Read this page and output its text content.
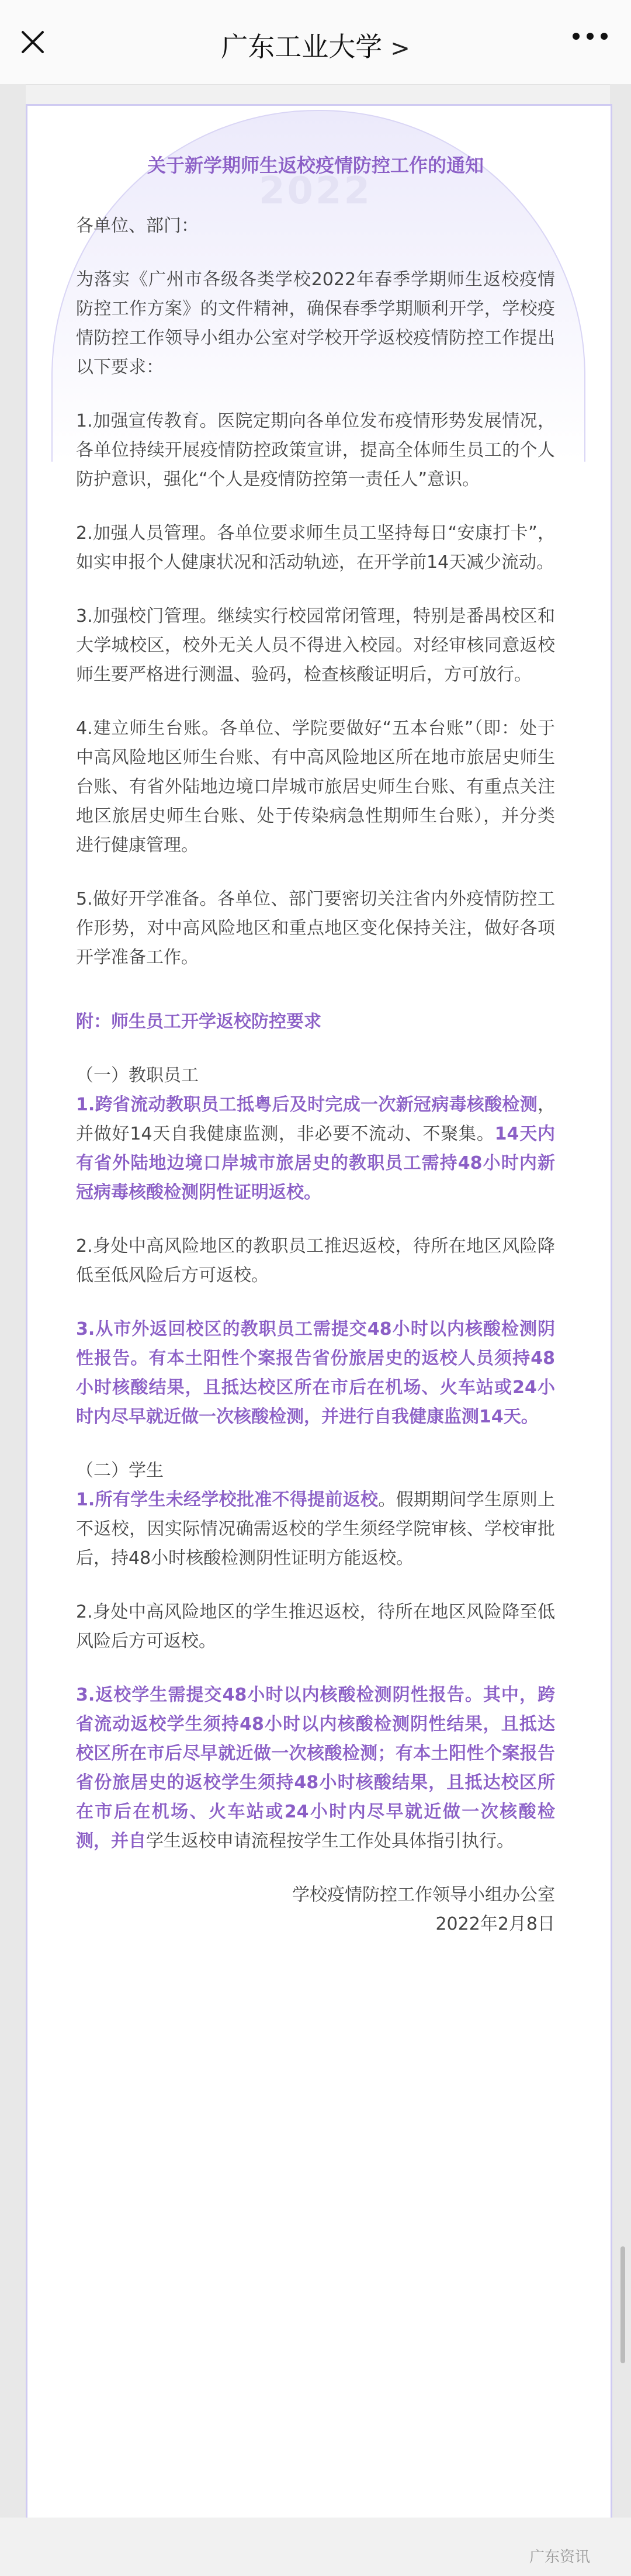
广东工业大学 >
2022
关于新学期师生返校疫情防控工作的通知

各单位、部门：

为落实《广州市各级各类学校2022年春季学期师生返校疫情防控工作方案》的文件精神，确保春季学期顺利开学，学校疫情防控工作领导小组办公室对学校开学返校疫情防控工作提出以下要求：

1.加强宣传教育。医院定期向各单位发布疫情形势发展情况，各单位持续开展疫情防控政策宣讲，提高全体师生员工的个人防护意识，强化“个人是疫情防控第一责任人”意识。

2.加强人员管理。各单位要求师生员工坚持每日“安康打卡”，如实申报个人健康状况和活动轨迹，在开学前14天减少流动。

3.加强校门管理。继续实行校园常闭管理，特别是番禺校区和大学城校区，校外无关人员不得进入校园。对经审核同意返校师生要严格进行测温、验码，检查核酸证明后，方可放行。

4.建立师生台账。各单位、学院要做好“五本台账”（即：处于中高风险地区师生台账、有中高风险地区所在地市旅居史师生台账、有省外陆地边境口岸城市旅居史师生台账、有重点关注地区旅居史师生台账、处于传染病急性期师生台账），并分类进行健康管理。

5.做好开学准备。各单位、部门要密切关注省内外疫情防控工作形势，对中高风险地区和重点地区变化保持关注，做好各项开学准备工作。

附：师生员工开学返校防控要求

（一）教职员工

1.跨省流动教职员工抵粤后及时完成一次新冠病毒核酸检测，并做好14天自我健康监测，非必要不流动、不聚集。14天内有省外陆地边境口岸城市旅居史的教职员工需持48小时内新冠病毒核酸检测阴性证明返校。

2.身处中高风险地区的教职员工推迟返校，待所在地区风险降低至低风险后方可返校。

3.从市外返回校区的教职员工需提交48小时以内核酸检测阴性报告。有本土阳性个案报告省份旅居史的返校人员须持48小时核酸结果，且抵达校区所在市后在机场、火车站或24小时内尽早就近做一次核酸检测，并进行自我健康监测14天。

（二）学生

1.所有学生未经学校批准不得提前返校。假期期间学生原则上不返校，因实际情况确需返校的学生须经学院审核、学校审批后，持48小时核酸检测阴性证明方能返校。

2.身处中高风险地区的学生推迟返校，待所在地区风险降至低风险后方可返校。

3.返校学生需提交48小时以内核酸检测阴性报告。其中，跨省流动返校学生须持48小时以内核酸检测阴性结果，且抵达校区所在市后尽早就近做一次核酸检测；有本土阳性个案报告省份旅居史的返校学生须持48小时核酸结果，且抵达校区所在市后在机场、火车站或24小时内尽早就近做一次核酸检测，并自学生返校申请流程按学生工作处具体指引执行。

学校疫情防控工作领导小组办公室

2022年2月8日

广东资讯
